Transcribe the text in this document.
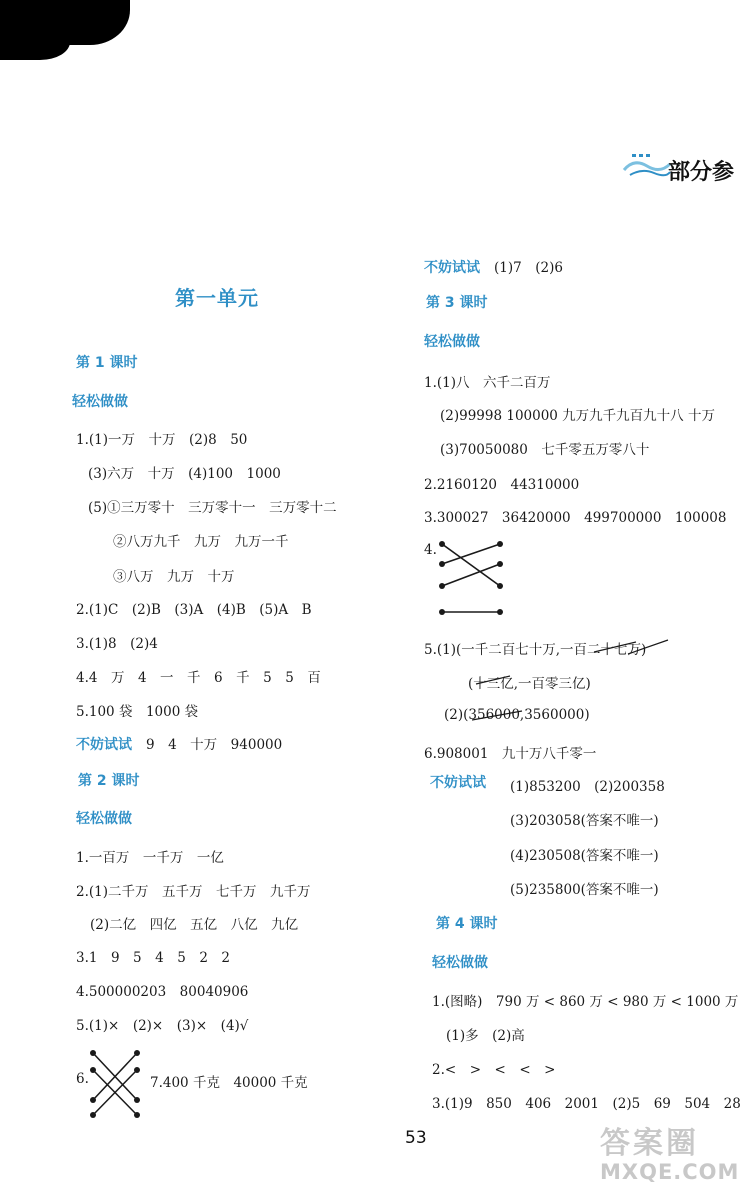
部分参
第一单元
第 1 课时
轻松做做
1.(1)一万　十万　(2)8　50
(3)六万　十万　(4)100　1000
(5)①三万零十　三万零十一　三万零十二
②八万九千　九万　九万一千
③八万　九万　十万
2.(1)C　(2)B　(3)A　(4)B　(5)A　B
3.(1)8　(2)4
4.4　万　4　一　千　6　千　5　5　百
5.100 袋　1000 袋
不妨试试 9　4　十万　940000
第 2 课时
轻松做做
1.一百万　一千万　一亿
2.(1)二千万　五千万　七千万　九千万
(2)二亿　四亿　五亿　八亿　九亿
3.1　9　5　4　5　2　2
4.500000203　80040906
5.(1)×　(2)×　(3)×　(4)√
6.	7.400 千克　40000 千克
不妨试试 (1)7　(2)6
第 3 课时
轻松做做
1.(1)八　六千二百万
(2)99998 100000 九万九千九百九十八 十万
(3)70050080　七千零五万零八十
2.2160120　44310000
3.300027　36420000　499700000　100008
4.
5.(1)(一千二百七十万,一百二十七万)
(十三亿,一百零三亿)
(2)(356000,3560000)
6.908001　九十万八千零一
不妨试试 (1)853200　(2)200358
(3)203058(答案不唯一)
(4)230508(答案不唯一)
(5)235800(答案不唯一)
第 4 课时
轻松做做
1.(图略)　790 万 < 860 万 < 980 万 < 1000 万
(1)多　(2)高
2.<　>　<　<　>
3.(1)9　850　406　2001　(2)5　69　504　28
53	答案圈
MXQE.COM
